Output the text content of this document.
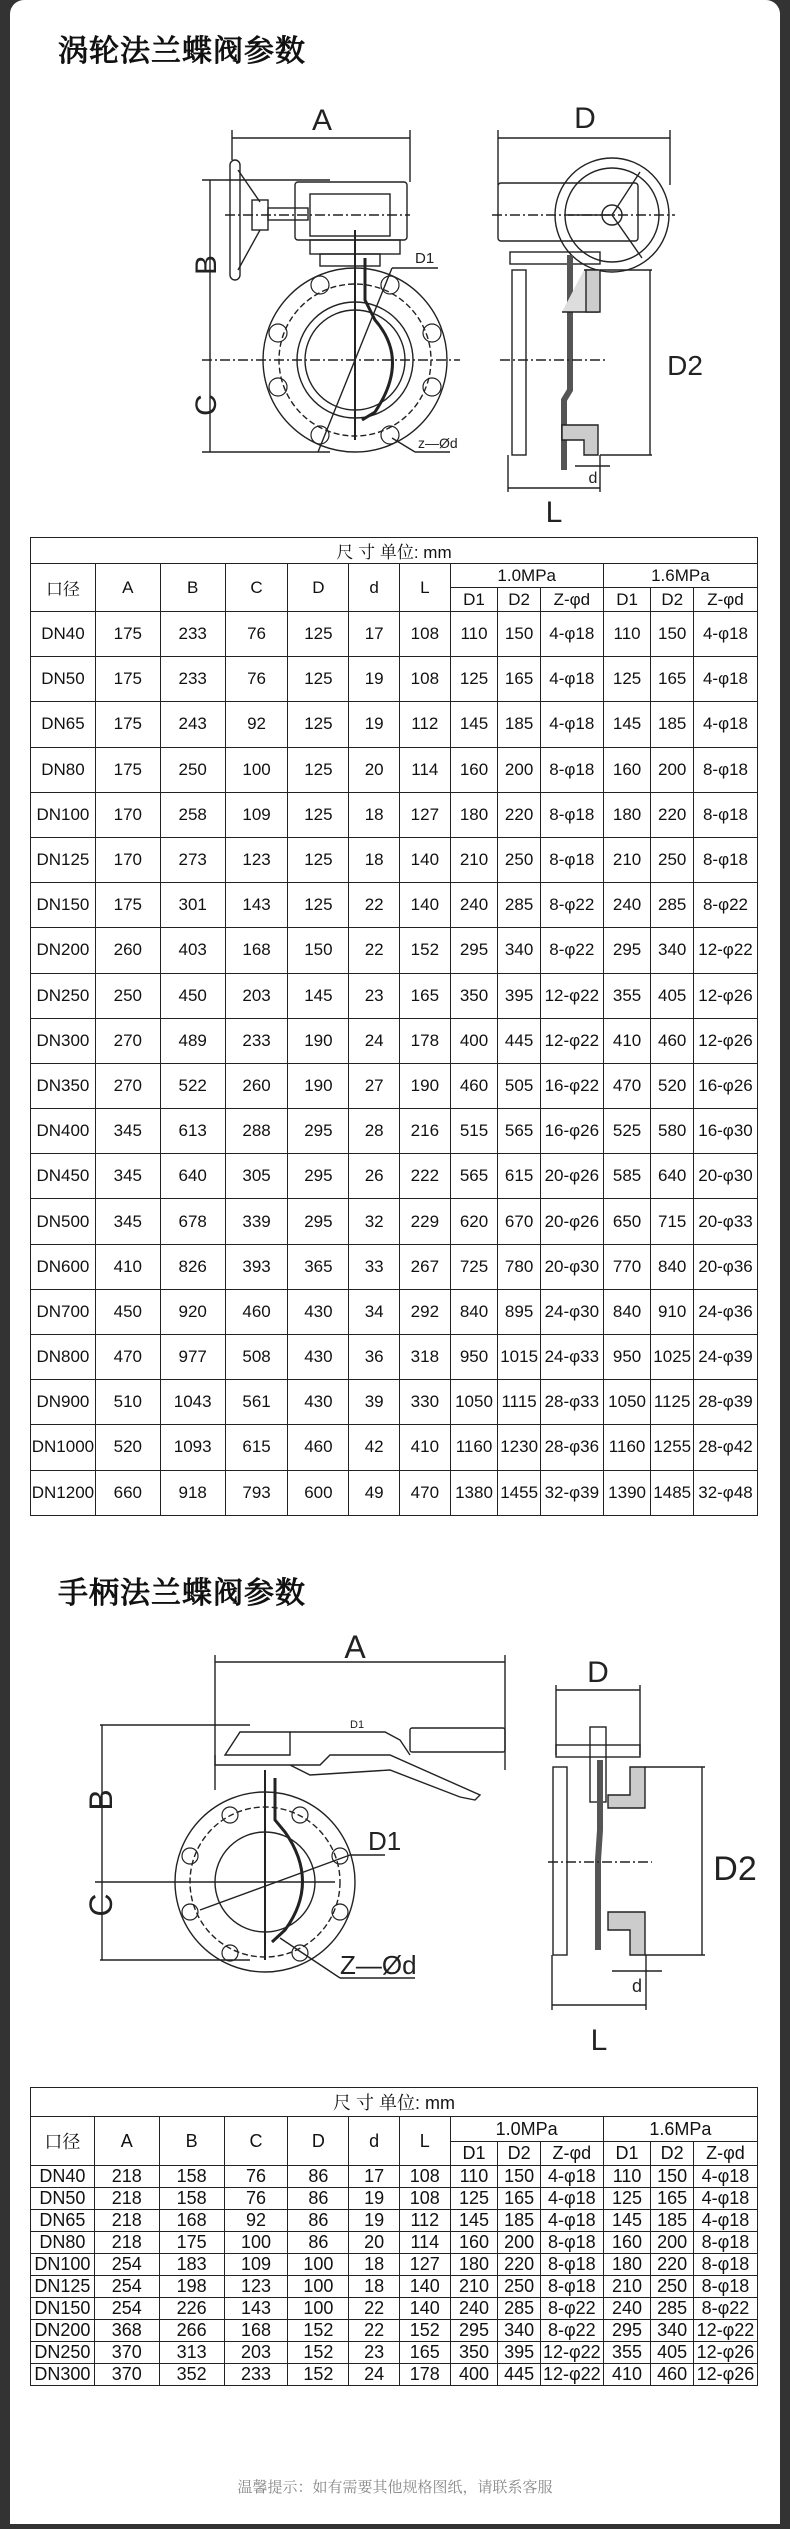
涡轮法兰蝶阀参数
A
B
C
D1
z—Ød
D
D2
d
L
尺 寸 单位: mm												
口径	A	B	C	D	d	L	1.0MPa			1.6MPa		
							D1	D2	Z-φd	D1	D2	Z-φd
DN40	175	233	76	125	17	108	110	150	4-φ18	110	150	4-φ18
DN50	175	233	76	125	19	108	125	165	4-φ18	125	165	4-φ18
DN65	175	243	92	125	19	112	145	185	4-φ18	145	185	4-φ18
DN80	175	250	100	125	20	114	160	200	8-φ18	160	200	8-φ18
DN100	170	258	109	125	18	127	180	220	8-φ18	180	220	8-φ18
DN125	170	273	123	125	18	140	210	250	8-φ18	210	250	8-φ18
DN150	175	301	143	125	22	140	240	285	8-φ22	240	285	8-φ22
DN200	260	403	168	150	22	152	295	340	8-φ22	295	340	12-φ22
DN250	250	450	203	145	23	165	350	395	12-φ22	355	405	12-φ26
DN300	270	489	233	190	24	178	400	445	12-φ22	410	460	12-φ26
DN350	270	522	260	190	27	190	460	505	16-φ22	470	520	16-φ26
DN400	345	613	288	295	28	216	515	565	16-φ26	525	580	16-φ30
DN450	345	640	305	295	26	222	565	615	20-φ26	585	640	20-φ30
DN500	345	678	339	295	32	229	620	670	20-φ26	650	715	20-φ33
DN600	410	826	393	365	33	267	725	780	20-φ30	770	840	20-φ36
DN700	450	920	460	430	34	292	840	895	24-φ30	840	910	24-φ36
DN800	470	977	508	430	36	318	950	1015	24-φ33	950	1025	24-φ39
DN900	510	1043	561	430	39	330	1050	1115	28-φ33	1050	1125	28-φ39
DN1000	520	1093	615	460	42	410	1160	1230	28-φ36	1160	1255	28-φ42
DN1200	660	918	793	600	49	470	1380	1455	32-φ39	1390	1485	32-φ48
手柄法兰蝶阀参数
A
B
C
D1
D1
Z—Ød
D
D2
d
L
尺 寸 单位: mm												
口径	A	B	C	D	d	L	1.0MPa			1.6MPa		
							D1	D2	Z-φd	D1	D2	Z-φd
DN40	218	158	76	86	17	108	110	150	4-φ18	110	150	4-φ18
DN50	218	158	76	86	19	108	125	165	4-φ18	125	165	4-φ18
DN65	218	168	92	86	19	112	145	185	4-φ18	145	185	4-φ18
DN80	218	175	100	86	20	114	160	200	8-φ18	160	200	8-φ18
DN100	254	183	109	100	18	127	180	220	8-φ18	180	220	8-φ18
DN125	254	198	123	100	18	140	210	250	8-φ18	210	250	8-φ18
DN150	254	226	143	100	22	140	240	285	8-φ22	240	285	8-φ22
DN200	368	266	168	152	22	152	295	340	8-φ22	295	340	12-φ22
DN250	370	313	203	152	23	165	350	395	12-φ22	355	405	12-φ26
DN300	370	352	233	152	24	178	400	445	12-φ22	410	460	12-φ26
温馨提示：如有需要其他规格图纸，请联系客服
